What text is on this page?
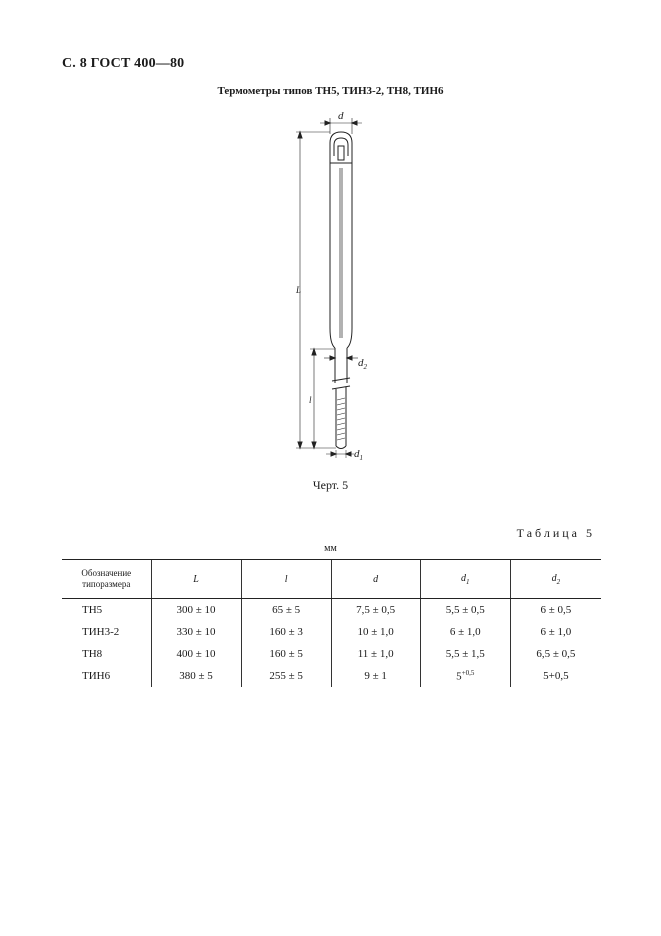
С. 8 ГОСТ 400—80
Термометры типов ТН5, ТИН3-2, ТН8, ТИН6
d
$d_2$
$d_1$
L
l
Черт. 5
Таблица 5
мм
Обозначение типоразмера	L	l	d	$d_1$	$d_2$
ТН5	300 ± 10	65 ± 5	7,5 ± 0,5	5,5 ± 0,5	6 ± 0,5
ТИН3-2	330 ± 10	160 ± 3	10 ± 1,0	6 ± 1,0	6 ± 1,0
ТН8	400 ± 10	160 ± 5	11 ± 1,0	5,5 ± 1,5	6,5 ± 0,5
ТИН6	380 ± 5	255 ± 5	9 ± 1	$5^{+0,5}$	5+0,5
